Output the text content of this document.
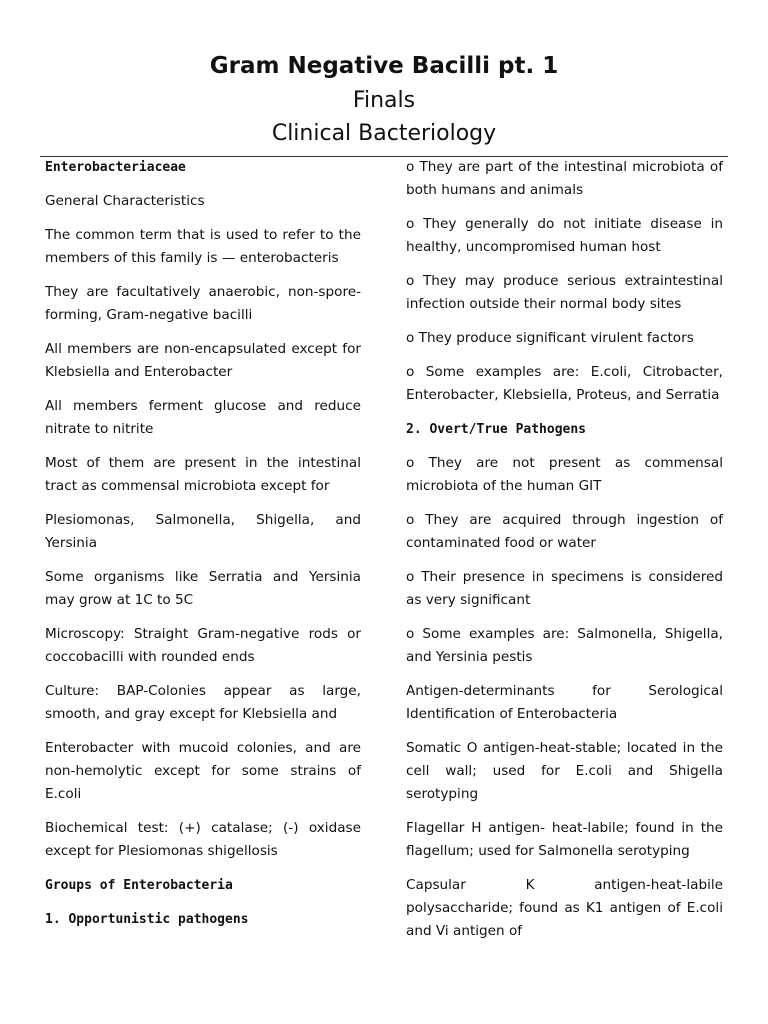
Gram Negative Bacilli pt. 1

Finals

Clinical Bacteriology

Enterobacteriaceae

General Characteristics

The common term that is used to refer to the members of this family is — enterobacteris

They are facultatively anaerobic, non-spore-forming, Gram-negative bacilli

All members are non-encapsulated except for Klebsiella and Enterobacter

All members ferment glucose and reduce nitrate to nitrite

Most of them are present in the intestinal tract as commensal microbiota except for

Plesiomonas, Salmonella, Shigella, and Yersinia

Some organisms like Serratia and Yersinia may grow at 1C to 5C

Microscopy: Straight Gram-negative rods or coccobacilli with rounded ends

Culture: BAP-Colonies appear as large, smooth, and gray except for Klebsiella and

Enterobacter with mucoid colonies, and are non-hemolytic except for some strains of E.coli

Biochemical test: (+) catalase; (-) oxidase except for Plesiomonas shigellosis

Groups of Enterobacteria

1. Opportunistic pathogens

o They are part of the intestinal microbiota of both humans and animals

o They generally do not initiate disease in healthy, uncompromised human host

o They may produce serious extraintestinal infection outside their normal body sites

o They produce significant virulent factors

o Some examples are: E.coli, Citrobacter, Enterobacter, Klebsiella, Proteus, and Serratia

2. Overt/True Pathogens

o They are not present as commensal microbiota of the human GIT

o They are acquired through ingestion of contaminated food or water

o Their presence in specimens is considered as very significant

o Some examples are: Salmonella, Shigella, and Yersinia pestis

Antigen-determinants for Serological Identification of Enterobacteria

Somatic O antigen-heat-stable; located in the cell wall; used for E.coli and Shigella serotyping

Flagellar H antigen- heat-labile; found in the flagellum; used for Salmonella serotyping

Capsular K antigen-heat-labile polysaccharide; found as K1 antigen of E.coli and Vi antigen of
